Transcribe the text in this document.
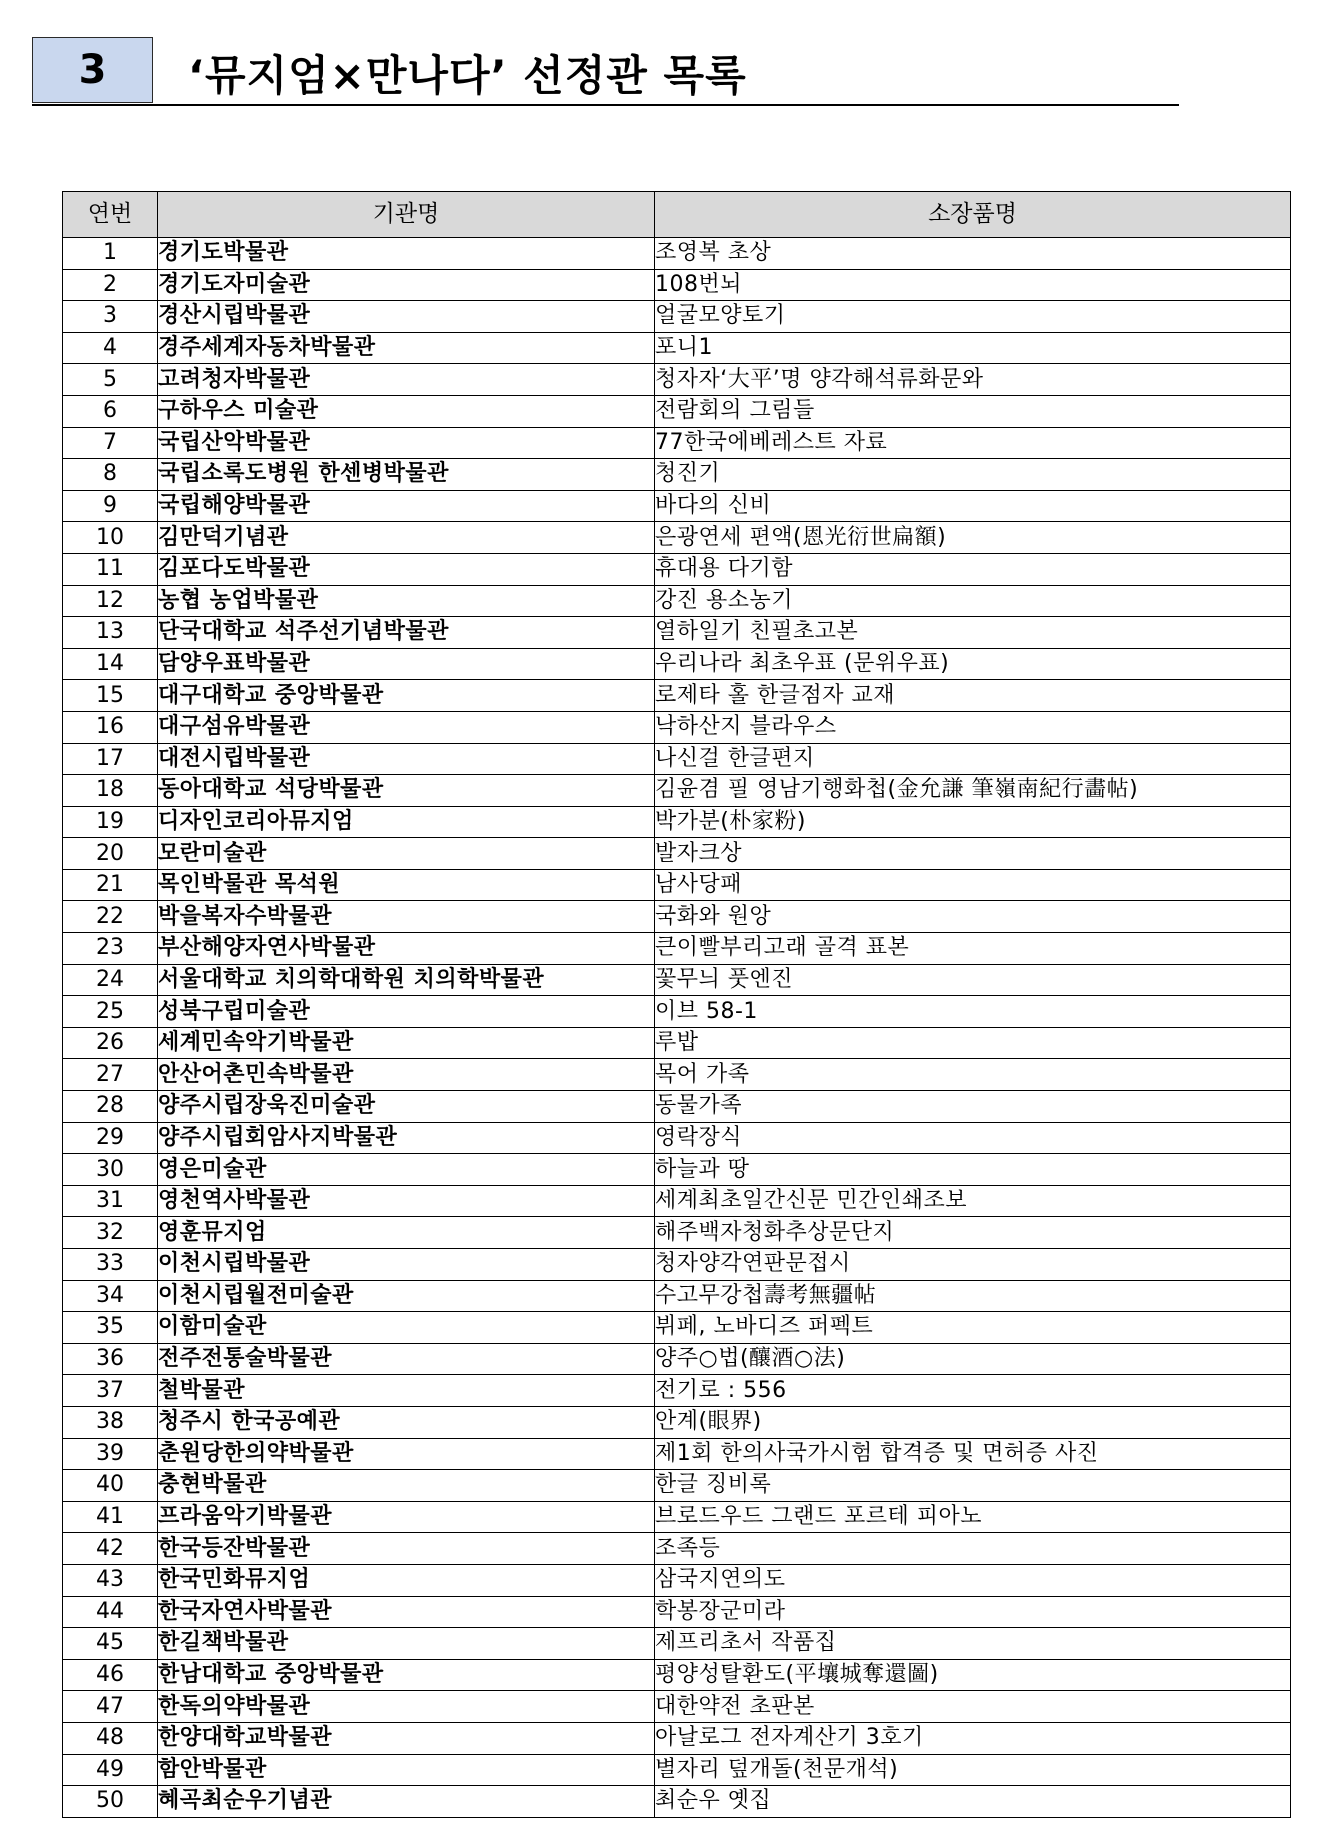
3 ‘뮤지엄×만나다’ 선정관 목록
연번	기관명	소장품명
1	경기도박물관	조영복 초상
2	경기도자미술관	108번뇌
3	경산시립박물관	얼굴모양토기
4	경주세계자동차박물관	포니1
5	고려청자박물관	청자자‘大平’명 양각해석류화문와
6	구하우스 미술관	전람회의 그림들
7	국립산악박물관	77한국에베레스트 자료
8	국립소록도병원 한센병박물관	청진기
9	국립해양박물관	바다의 신비
10	김만덕기념관	은광연세 편액(恩光衍世扁額)
11	김포다도박물관	휴대용 다기함
12	농협 농업박물관	강진 용소농기
13	단국대학교 석주선기념박물관	열하일기 친필초고본
14	담양우표박물관	우리나라 최초우표 (문위우표)
15	대구대학교 중앙박물관	로제타 홀 한글점자 교재
16	대구섬유박물관	낙하산지 블라우스
17	대전시립박물관	나신걸 한글편지
18	동아대학교 석당박물관	김윤겸 필 영남기행화첩(金允謙 筆嶺南紀行畵帖)
19	디자인코리아뮤지엄	박가분(朴家粉)
20	모란미술관	발자크상
21	목인박물관 목석원	남사당패
22	박을복자수박물관	국화와 원앙
23	부산해양자연사박물관	큰이빨부리고래 골격 표본
24	서울대학교 치의학대학원 치의학박물관	꽃무늬 풋엔진
25	성북구립미술관	이브 58-1
26	세계민속악기박물관	루밥
27	안산어촌민속박물관	목어 가족
28	양주시립장욱진미술관	동물가족
29	양주시립회암사지박물관	영락장식
30	영은미술관	하늘과 땅
31	영천역사박물관	세계최초일간신문 민간인쇄조보
32	영훈뮤지엄	해주백자청화추상문단지
33	이천시립박물관	청자양각연판문접시
34	이천시립월전미술관	수고무강첩壽考無疆帖
35	이함미술관	뷔페, 노바디즈 퍼펙트
36	전주전통술박물관	양주○법(釀酒○法)
37	철박물관	전기로 : 556
38	청주시 한국공예관	안계(眼界)
39	춘원당한의약박물관	제1회 한의사국가시험 합격증 및 면허증 사진
40	충현박물관	한글 징비록
41	프라움악기박물관	브로드우드 그랜드 포르테 피아노
42	한국등잔박물관	조족등
43	한국민화뮤지엄	삼국지연의도
44	한국자연사박물관	학봉장군미라
45	한길책박물관	제프리초서 작품집
46	한남대학교 중앙박물관	평양성탈환도(平壤城奪還圖)
47	한독의약박물관	대한약전 초판본
48	한양대학교박물관	아날로그 전자계산기 3호기
49	함안박물관	별자리 덮개돌(천문개석)
50	혜곡최순우기념관	최순우 옛집
